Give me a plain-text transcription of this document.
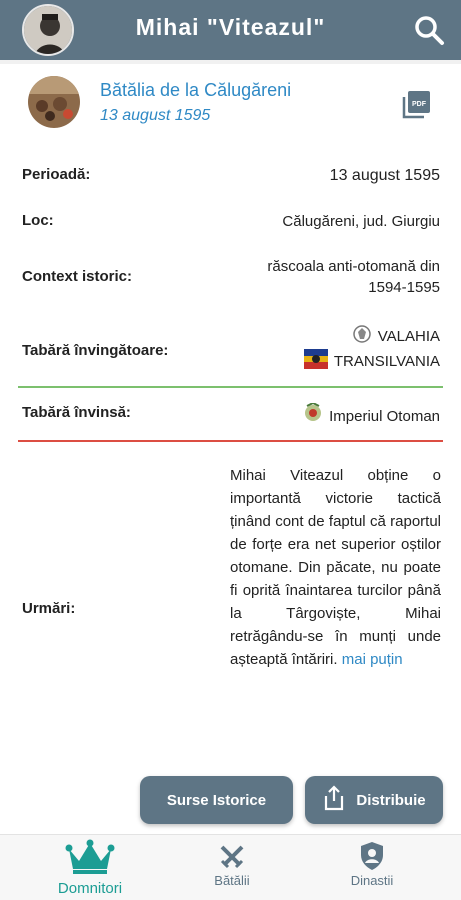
Mihai "Viteazul"
Bătălia de la Călugăreni
13 august 1595
PDF
Perioadă:	13 august 1595
Loc:	Călugăreni, jud. Giurgiu
Context istoric:
răscoala anti-otomană din
1594-1595
Tabără învingătoare:
VALAHIA
TRANSILVANIA
Tabără învinsă:	Imperiul Otoman
Urmări:
Mihai Viteazul obține o importantă victorie tactică ținând cont de faptul că raportul de forțe era net superior oștilor otomane. Din păcate, nu poate fi oprită înaintarea turcilor până la Târgoviște, Mihai retrăgându-se în munți unde așteaptă întăriri. mai puțin
Surse Istorice	Distribuie
Domnitori	Bătălii	Dinastii
